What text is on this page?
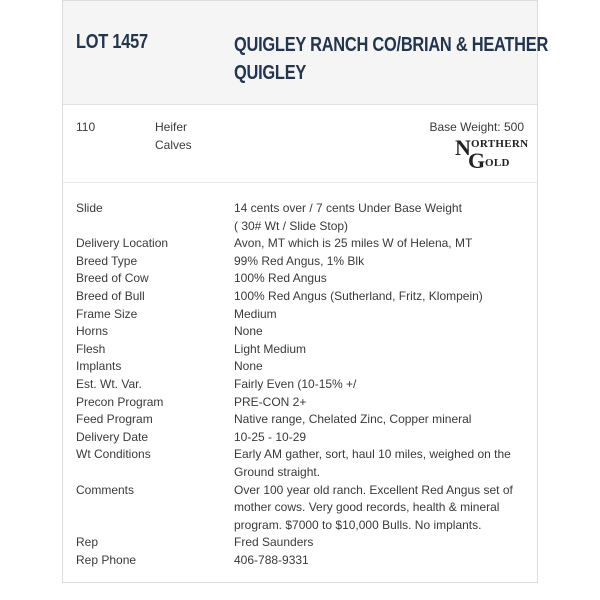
LOT 1457	QUIGLEY RANCH CO/BRIAN & HEATHER
QUIGLEY
110	Heifer
Calves
Base Weight: 500
N ORTHERN
G OLD
Slide	14 cents over / 7 cents Under Base Weight
( 30# Wt / Slide Stop)
Delivery Location	Avon, MT which is 25 miles W of Helena, MT
Breed Type	99% Red Angus, 1% Blk
Breed of Cow	100% Red Angus
Breed of Bull	100% Red Angus (Sutherland, Fritz, Klompein)
Frame Size	Medium
Horns	None
Flesh	Light Medium
Implants	None
Est. Wt. Var.	Fairly Even (10-15% +/
Precon Program	PRE-CON 2+
Feed Program	Native range, Chelated Zinc, Copper mineral
Delivery Date	10-25 - 10-29
Wt Conditions	Early AM gather, sort, haul 10 miles, weighed on the
Ground straight.
Comments	Over 100 year old ranch. Excellent Red Angus set of
mother cows. Very good records, health & mineral
program. $7000 to $10,000 Bulls. No implants.
Rep	Fred Saunders
Rep Phone	406-788-9331
